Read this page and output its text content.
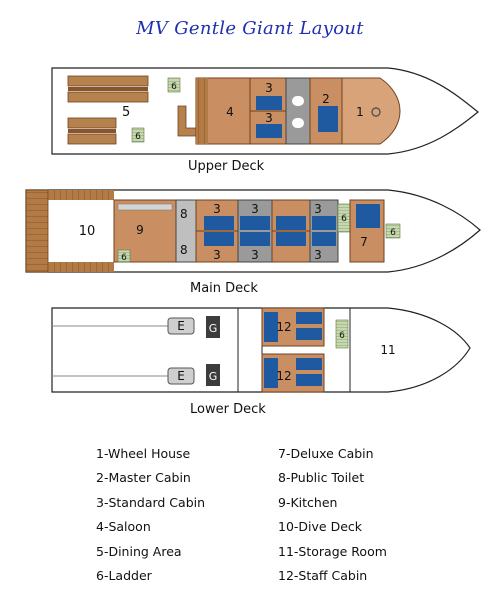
MV Gentle Giant Layout
5
6
6
4
3
3
2
1
10	9
6
8
8
3	3	3
3	3	3
6
7
6
E
E
G
G
12
12
6
11
Upper Deck
Main Deck
Lower Deck
1-Wheel House
2-Master Cabin
3-Standard Cabin
4-Saloon
5-Dining Area
6-Ladder
7-Deluxe Cabin
8-Public Toilet
9-Kitchen
10-Dive Deck
11-Storage Room
12-Staff Cabin
